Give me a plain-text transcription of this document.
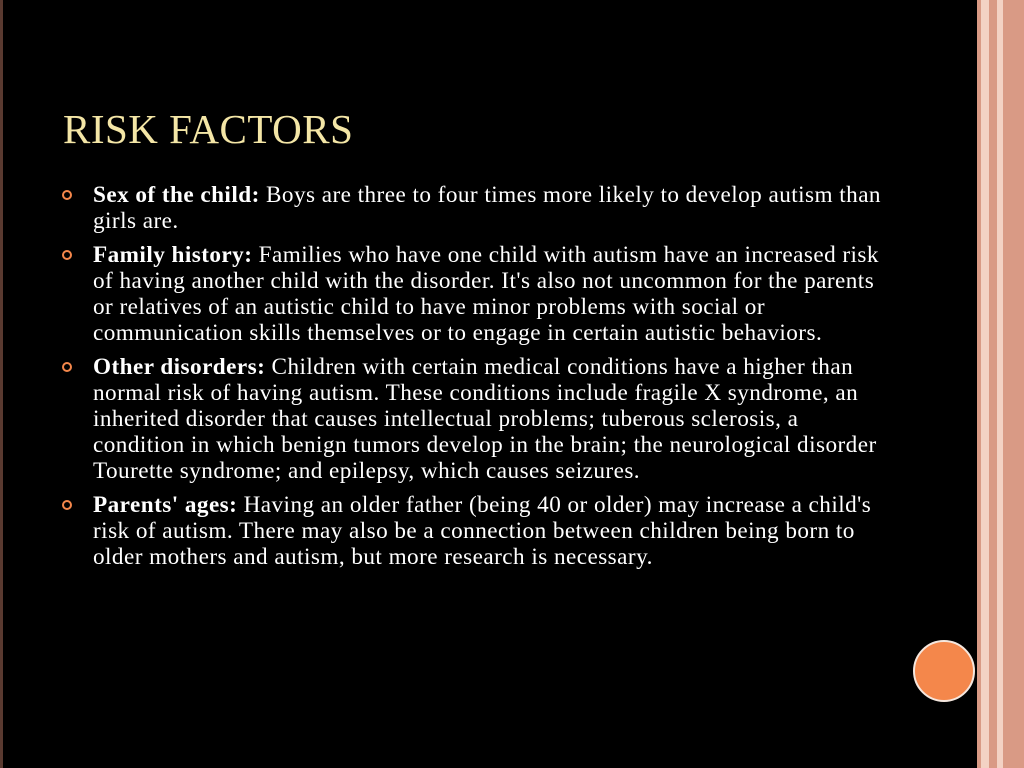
RISK FACTORS
Sex of the child: Boys are three to four times more likely to develop autism than girls are.
Family history: Families who have one child with autism have an increased risk of having another child with the disorder. It's also not uncommon for the parents or relatives of an autistic child to have minor problems with social or communication skills themselves or to engage in certain autistic behaviors.
Other disorders: Children with certain medical conditions have a higher than normal risk of having autism. These conditions include fragile X syndrome, an inherited disorder that causes intellectual problems; tuberous sclerosis, a condition in which benign tumors develop in the brain; the neurological disorder Tourette syndrome; and epilepsy, which causes seizures.
Parents' ages: Having an older father (being 40 or older) may increase a child's risk of autism. There may also be a connection between children being born to older mothers and autism, but more research is necessary.
